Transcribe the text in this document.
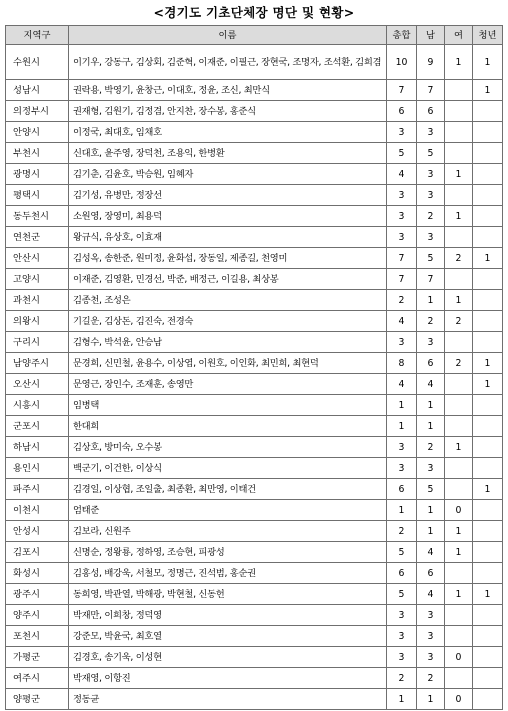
<경기도 기초단체장 명단 및 현황>
지역구	이름	총합	남	여	청년
수원시	이기우, 강동구, 김상회, 김준혁, 이재준, 이필근, 장현국, 조명자, 조석환, 김희겸	10	9	1	1
성남시	권락용, 박영기, 윤창근, 이대호, 정윤, 조신, 최만식	7	7		1
의정부시	권재형, 김원기, 김정겸, 안지찬, 장수봉, 홍준식	6	6		
안양시	이정국, 최대호, 임채호	3	3		
부천시	신대호, 윤주영, 장덕천, 조용익, 한병환	5	5		
광명시	김기춘, 김윤호, 박승원, 임혜자	4	3	1	
평택시	김기성, 유병만, 정장선	3	3		
동두천시	소원영, 장영미, 최용덕	3	2	1	
연천군	왕규식, 유상호, 이효재	3	3		
안산시	김성옥, 송한준, 원미정, 윤화섭, 장동일, 제종길, 천영미	7	5	2	1
고양시	이재준, 김영환, 민경선, 박준, 배정근, 이길용, 최상봉	7	7		
과천시	김종천, 조성은	2	1	1	
의왕시	기길운, 김상돈, 김진숙, 전경숙	4	2	2	
구리시	김형수, 박석윤, 안승남	3	3		
남양주시	문경희, 신민철, 윤용수, 이상엽, 이원호, 이인화, 최민희, 최현덕	8	6	2	1
오산시	문영근, 장인수, 조재훈, 송영만	4	4		1
시흥시	임병택	1	1		
군포시	한대희	1	1		
하남시	김상호, 방미숙, 오수봉	3	2	1	
용인시	백군기, 이건한, 이상식	3	3		
파주시	김경일, 이상협, 조일출, 최종환, 최만영, 이태건	6	5		1
이천시	엄태준	1	1	0	
안성시	김보라, 신원주	2	1	1	
김포시	신명순, 정왕룡, 정하영, 조승현, 피광성	5	4	1	
화성시	김홍성, 배강욱, 서철모, 정명근, 진석범, 홍순권	6	6		
광주시	동희영, 박관열, 박해광, 박현철, 신동헌	5	4	1	1
양주시	박재만, 이희창, 정덕영	3	3		
포천시	강준모, 박윤국, 최호열	3	3		
가평군	김경호, 송기욱, 이성현	3	3	0	
여주시	박재영, 이항진	2	2		
양평군	정동균	1	1	0	
